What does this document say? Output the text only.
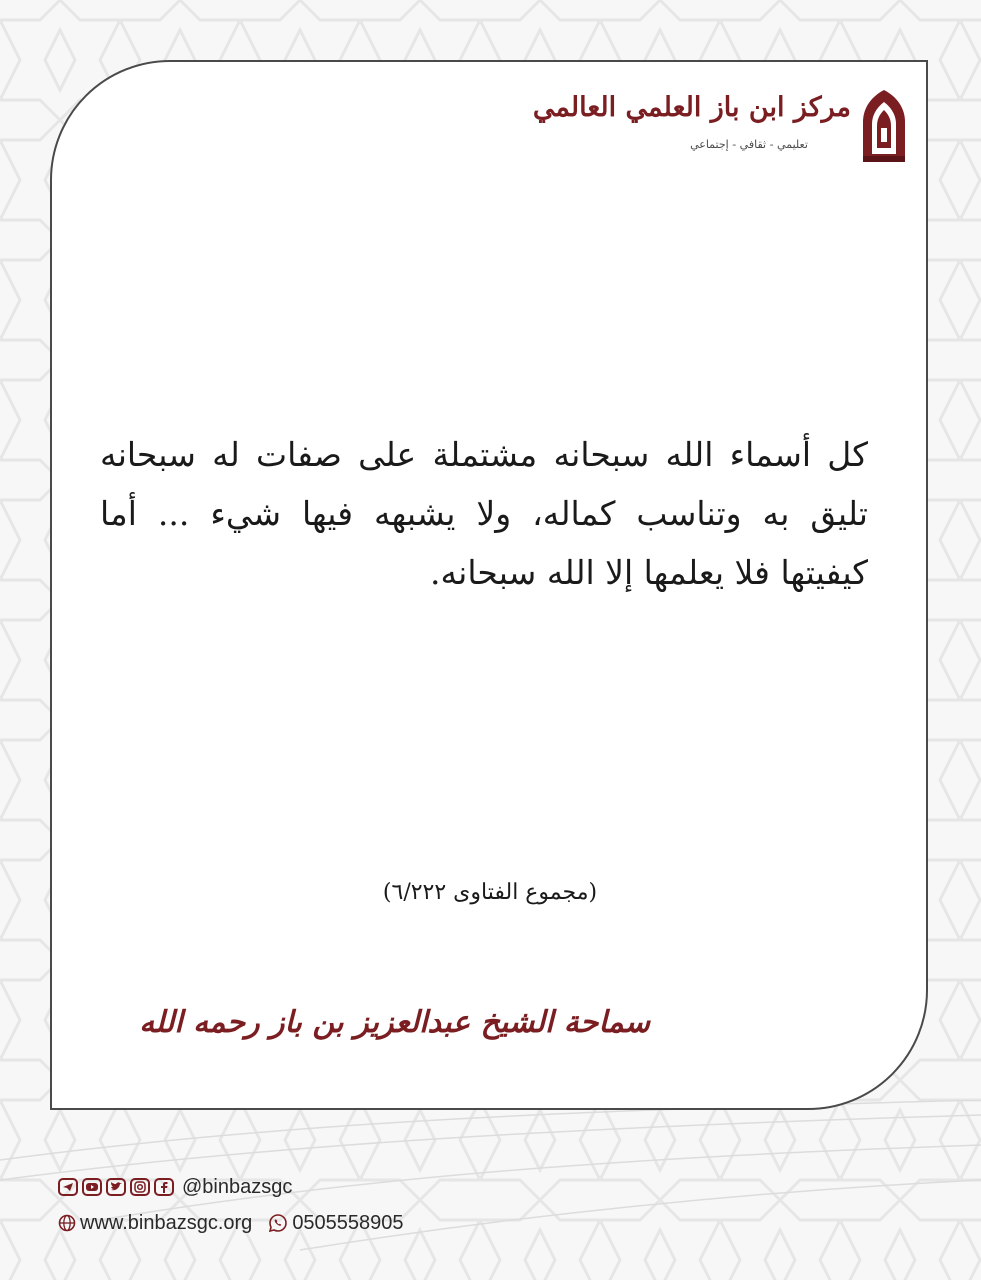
مركز ابن باز العلمي العالمي
تعليمي - ثقافي - إجتماعي
كل أسماء الله سبحانه مشتملة على صفات له سبحانه تليق به وتناسب كماله، ولا يشبهه فيها شيء ... أما كيفيتها فلا يعلمها إلا الله سبحانه.
(مجموع الفتاوى ٦/٢٢٢)
سماحة الشيخ عبدالعزيز بن باز رحمه الله
@binbazsgc
www.binbazsgc.org 0505558905
